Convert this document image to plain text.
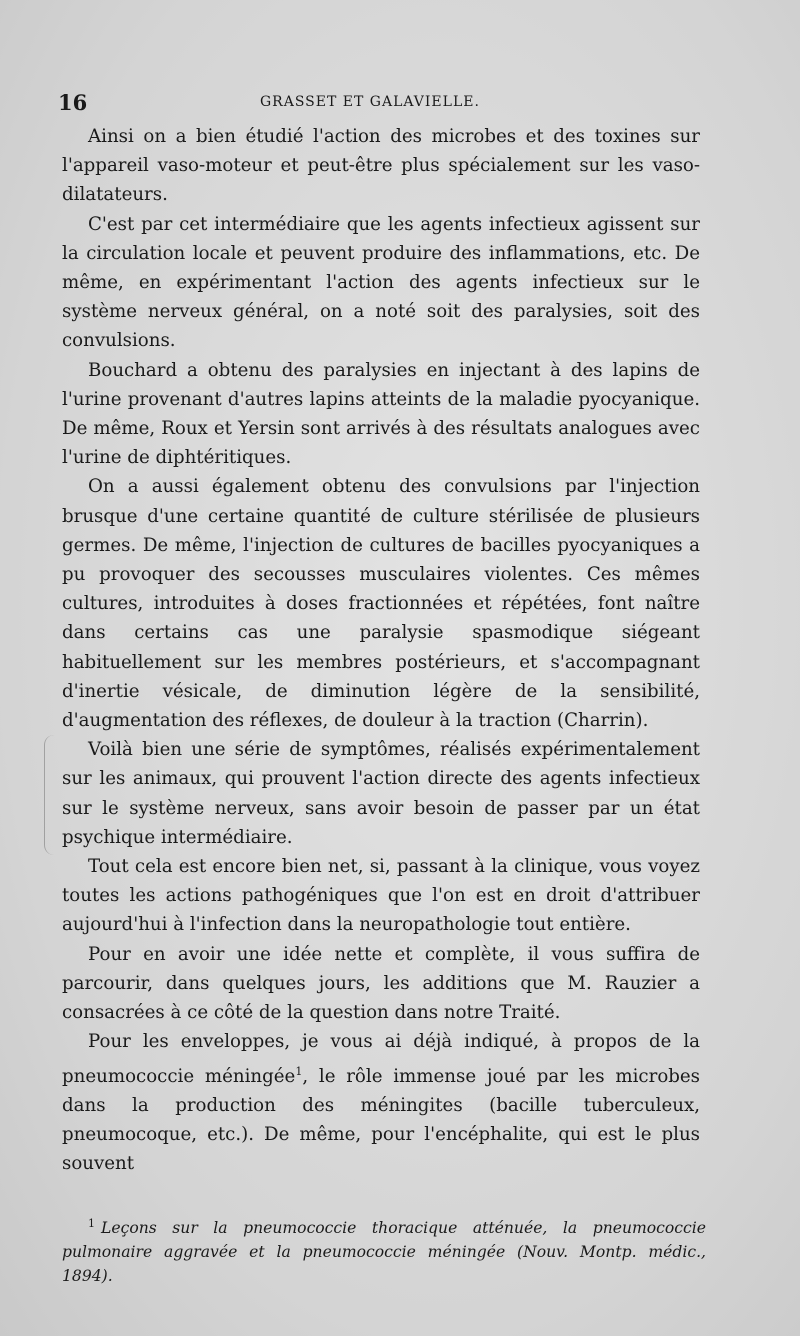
16	GRASSET ET GALAVIELLE.

Ainsi on a bien étudié l'action des microbes et des toxines sur l'appareil vaso-moteur et peut-être plus spécialement sur les vaso-dilatateurs.

C'est par cet intermédiaire que les agents infectieux agissent sur la circulation locale et peuvent produire des inflammations, etc. De même, en expérimentant l'action des agents infectieux sur le système nerveux général, on a noté soit des paralysies, soit des convulsions.

Bouchard a obtenu des paralysies en injectant à des lapins de l'urine provenant d'autres lapins atteints de la maladie pyocyanique. De même, Roux et Yersin sont arrivés à des résultats analogues avec l'urine de diphtéritiques.

On a aussi également obtenu des convulsions par l'injection brusque d'une certaine quantité de culture stérilisée de plusieurs germes. De même, l'injection de cultures de bacilles pyocyaniques a pu provoquer des secousses musculaires violentes. Ces mêmes cultures, introduites à doses fractionnées et répétées, font naître dans certains cas une paralysie spasmodique siégeant habituellement sur les membres postérieurs, et s'accompagnant d'inertie vésicale, de diminution légère de la sensibilité, d'augmentation des réflexes, de douleur à la traction (Charrin).

Voilà bien une série de symptômes, réalisés expérimentalement sur les animaux, qui prouvent l'action directe des agents infectieux sur le système nerveux, sans avoir besoin de passer par un état psychique intermédiaire.

Tout cela est encore bien net, si, passant à la clinique, vous voyez toutes les actions pathogéniques que l'on est en droit d'attribuer aujourd'hui à l'infection dans la neuropathologie tout entière.

Pour en avoir une idée nette et complète, il vous suffira de parcourir, dans quelques jours, les additions que M. Rauzier a consacrées à ce côté de la question dans notre Traité.

Pour les enveloppes, je vous ai déjà indiqué, à propos de la pneumococcie méningée$^1$, le rôle immense joué par les microbes dans la production des méningites (bacille tuberculeux, pneumocoque, etc.). De même, pour l'encéphalite, qui est le plus souvent

$^1$ Leçons sur la pneumococcie thoracique atténuée, la pneumococcie pulmonaire aggravée et la pneumococcie méningée (Nouv. Montp. médic., 1894).
